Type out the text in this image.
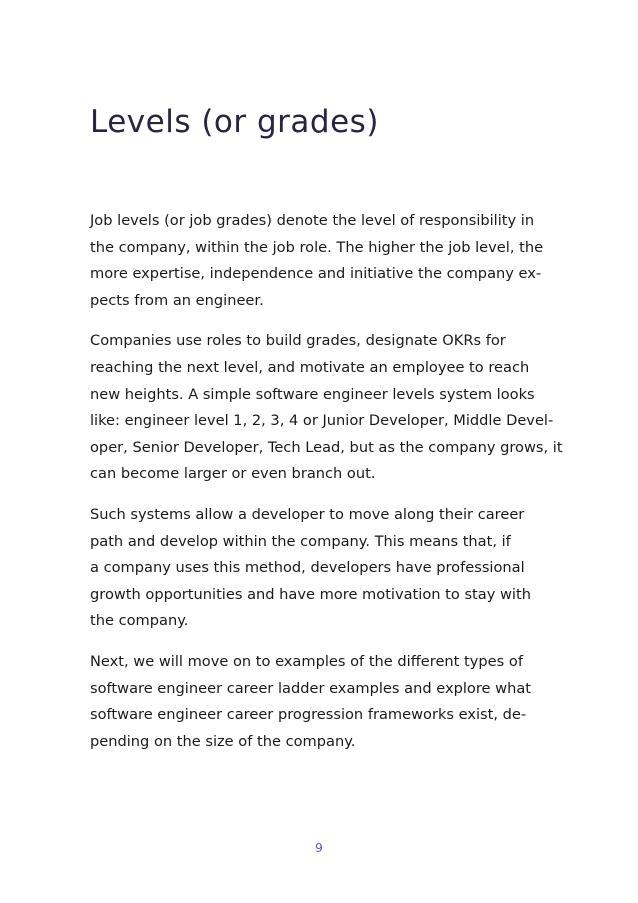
Levels (or grades)

Job levels (or job grades) denote the level of responsibility in
the company, within the job role. The higher the job level, the
more expertise, independence and initiative the company ex-
pects from an engineer.

Companies use roles to build grades, designate OKRs for
reaching the next level, and motivate an employee to reach
new heights. A simple software engineer levels system looks
like: engineer level 1, 2, 3, 4 or Junior Developer, Middle Devel-
oper, Senior Developer, Tech Lead, but as the company grows, it
can become larger or even branch out.

Such systems allow a developer to move along their career
path and develop within the company. This means that, if
a company uses this method, developers have professional
growth opportunities and have more motivation to stay with
the company.

Next, we will move on to examples of the different types of
software engineer career ladder examples and explore what
software engineer career progression frameworks exist, de-
pending on the size of the company.

9
